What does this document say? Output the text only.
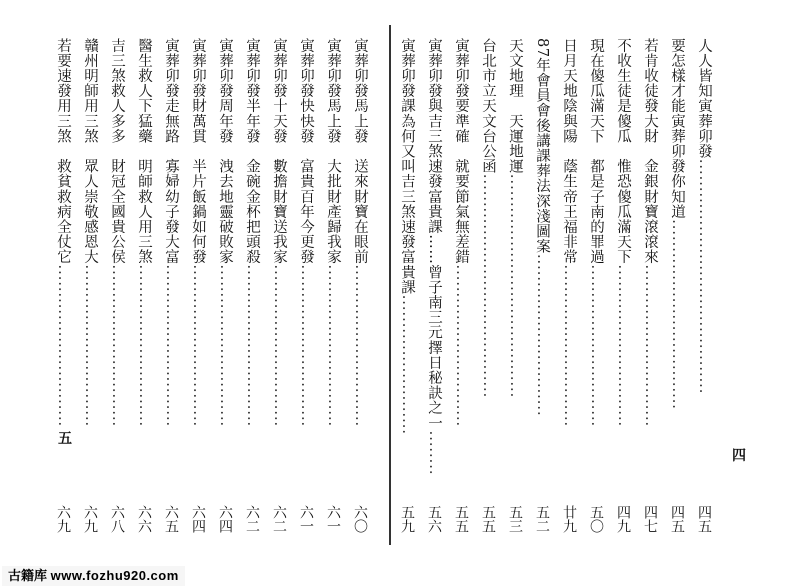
寅葬卯發馬上發　送來財寶在眼前.............................
六〇
寅葬卯發馬上發　大批財產歸我家.............................
六一
寅葬卯發快快發　富貴百年今更發.............................
六一
寅葬卯發十天發　數擔財寶送我家.............................
六二
寅葬卯發半年發　金碗金杯把頭殺.............................
六二
寅葬卯發周年發　洩去地靈破敗家.............................
六四
寅葬卯發財萬貫　半片飯鍋如何發.............................
六四
寅葬卯發走無路　寡婦幼子發大富.............................
六五
醫生救人下猛藥　明師救人用三煞.............................
六六
吉三煞救人多多　財冠全國貴公侯.............................
六八
贛州明師用三煞　眾人崇敬感恩大.............................
六九
若要速發用三煞　救貧救病全仗它.............................
六九
五
人人皆知寅葬卯發..........................................
四五
要怎樣才能寅葬卯發你知道..................................
四五
若肯收徒發大財　金銀財寶滾滾來.............................
四七
不收生徒是傻瓜　惟恐傻瓜滿天下.............................
四九
現在傻瓜滿天下　都是子南的罪過.............................
五〇
日月天地陰與陽　蔭生帝王福非常.............................
廿九
87年會員會後講課葬法深淺圖案.............................
五二
天文地理　天運地運........................................
五三
台北市立天文台公函........................................
五五
寅葬卯發要準確　就要節氣無差錯.............................
五五
寅葬卯發與吉三煞速發富貴課……曾子南三元擇日秘訣之一........
五六
寅葬卯發課為何又叫吉三煞速發富貴課.........................
五九
四
古籍库 www.fozhu920.com
